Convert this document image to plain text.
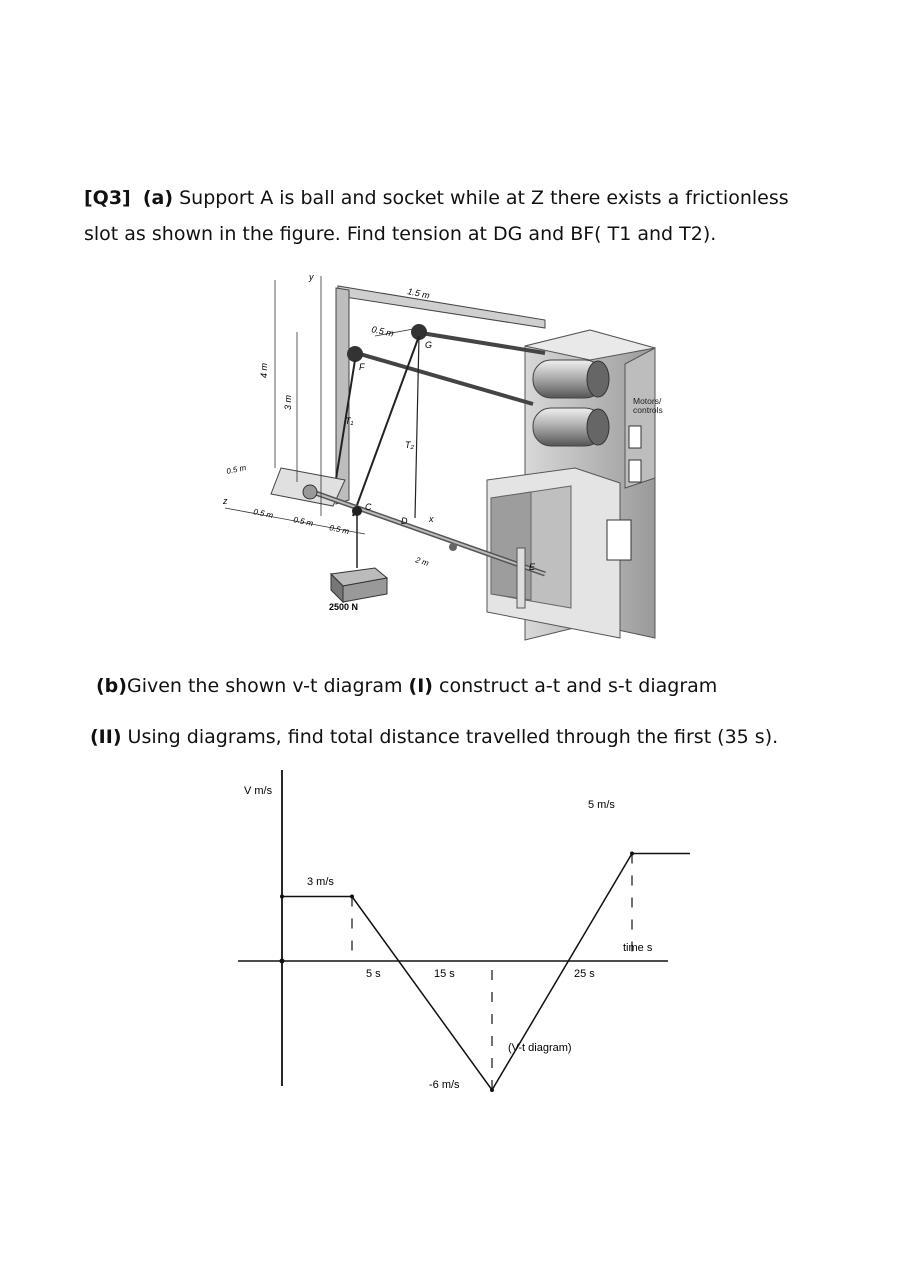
[Q3] (a) Support A is ball and socket while at Z there exists a frictionless
slot as shown in the figure. Find tension at DG and BF( T1 and T2).
Motors/
controls
1.5 m
0.5 m
4 m
3 m
0.5 m
0.5 m
0.5 m
0.5 m
2 m
y
z
x
G
F
C
D
E
T₁
T₂
2500 N
(b)Given the shown v-t diagram (I) construct a-t and s-t diagram
(II) Using diagrams, find total distance travelled through the first (35 s).
V m/s
time s
5 s	15 s	25 s
3 m/s
5 m/s
-6 m/s
(V-t diagram)
